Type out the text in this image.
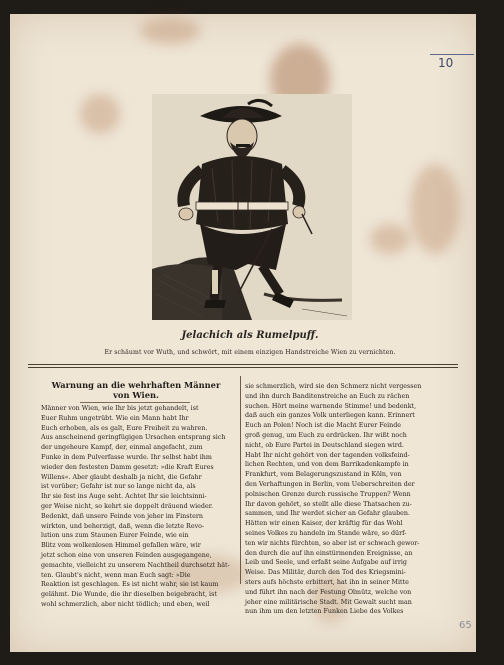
10
Jelachich als Rumelpuff.
Er schäumt vor Wuth, und schwört, mit einem einzigen Handstreiche Wien zu vernichten.
Warnung an die wehrhaften Männer
von Wien.
Männer von Wien, wie Ihr bis jetzt gehandelt, ist
Euer Ruhm ungetrübt. Wie ein Mann habt Ihr
Euch erhoben, als es galt, Eure Freiheit zu wahren.
Aus anscheinend geringfügigen Ursachen entsprang sich
der ungeheure Kampf, der, einmal angefacht, zum
Funke in dem Pulverfasse wurde. Ihr selbst habt ihm
wieder den festesten Damm gesetzt: »die Kraft Eures
Willens«. Aber glaubt deshalb ja nicht, die Gefahr
ist vorüber; Gefahr ist nur so lange nicht da, als
Ihr sie fest ins Auge seht. Achtet Ihr sie leichtsinni-
ger Weise nicht, so kehrt sie doppelt dräuend wieder.
Bedenkt, daß unsere Feinde von jeher im Finstern
wirkten, und beherzigt, daß, wenn die letzte Revo-
lution uns zum Staunen Eurer Feinde, wie ein
Blitz vom wolkenlosen Himmel gefallen wäre, wir
jetzt schon eine von unseren Feinden ausgegangene,
gemachte, vielleicht zu unserem Nachtheil durchsetzt hät-
ten. Glaubt's nicht, wenn man Euch sagt: »Die
Reaktion ist geschlagen. Es ist nicht wahr, sie ist kaum
gelähmt. Die Wunde, die ihr dieselben beigebracht, ist
wohl schmerzlich, aber nicht tödlich; und eben, weil
sie schmerzlich, wird sie den Schmerz nicht vergessen
und ihn durch Banditenstreiche an Euch zu rächen
suchen. Hört meine warnende Stimme! und bedenkt,
daß auch ein ganzes Volk unterliegen kann. Erinnert
Euch an Polen! Noch ist die Macht Eurer Feinde
groß genug, um Euch zu erdrücken. Ihr wißt noch
nicht, ob Eure Partei in Deutschland siegen wird.
Habt Ihr nicht gehört von der tagenden volksfeind-
lichen Rechten, und von dem Barrikadenkampfe in
Frankfurt, vom Belagerungszustand in Köln, von
den Verhaftungen in Berlin, vom Ueberschreiten der
polnischen Grenze durch russische Truppen? Wenn
Ihr davon gehört, so stellt alle diese Thatsachen zu-
sammen, und Ihr werdet sicher an Gefahr glauben.
Hätten wir einen Kaiser, der kräftig für das Wohl
seines Volkes zu handeln im Stande wäre, so dürf-
ten wir nichts fürchten, so aber ist er schwach gewor-
den durch die auf ihn einstürmenden Ereignisse, an
Leib und Seele, und erfaßt seine Aufgabe auf irrig
Weise. Das Militär, durch den Tod des Kriegsmini-
sters aufs höchste erbittert, hat ihn in seiner Mitte
und führt ihn nach der Festung Olmütz, welche von
jeher eine militärische Stadt. Mit Gewalt sucht man
nun ihm um den letzten Funken Liebe des Volkes
65
